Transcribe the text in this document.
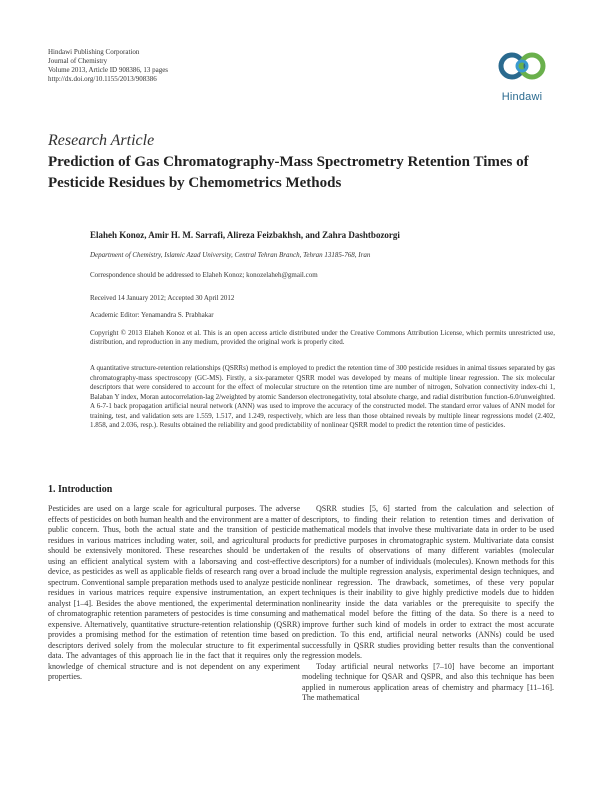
Hindawi Publishing Corporation
Journal of Chemistry
Volume 2013, Article ID 908386, 13 pages
http://dx.doi.org/10.1155/2013/908386
Hindawi
Research Article
Prediction of Gas Chromatography-Mass Spectrometry Retention Times of Pesticide Residues by Chemometrics Methods
Elaheh Konoz, Amir H. M. Sarrafi, Alireza Feizbakhsh, and Zahra Dashtbozorgi
Department of Chemistry, Islamic Azad University, Central Tehran Branch, Tehran 13185-768, Iran
Correspondence should be addressed to Elaheh Konoz; konozelaheh@gmail.com
Received 14 January 2012; Accepted 30 April 2012
Academic Editor: Yenamandra S. Prabhakar
Copyright © 2013 Elaheh Konoz et al. This is an open access article distributed under the Creative Commons Attribution License, which permits unrestricted use, distribution, and reproduction in any medium, provided the original work is properly cited.

A quantitative structure-retention relationships (QSRRs) method is employed to predict the retention time of 300 pesticide residues in animal tissues separated by gas chromatography-mass spectroscopy (GC-MS). Firstly, a six-parameter QSRR model was developed by means of multiple linear regression. The six molecular descriptors that were considered to account for the effect of molecular structure on the retention time are number of nitrogen, Solvation connectivity index-chi 1, Balaban Y index, Moran autocorrelation-lag 2/weighted by atomic Sanderson electronegativity, total absolute charge, and radial distribution function-6.0/unweighted. A 6-7-1 back propagation artificial neural network (ANN) was used to improve the accuracy of the constructed model. The standard error values of ANN model for training, test, and validation sets are 1.559, 1.517, and 1.249, respectively, which are less than those obtained reveals by multiple linear regressions model (2.402, 1.858, and 2.036, resp.). Results obtained the reliability and good predictability of nonlinear QSRR model to predict the retention time of pesticides.

1. Introduction

Pesticides are used on a large scale for agricultural purposes. The adverse effects of pesticides on both human health and the environment are a matter of public concern. Thus, both the actual state and the transition of pesticide residues in various matrices including water, soil, and agricultural products should be extensively monitored. These researches should be undertaken using an efficient analytical system with a laborsaving and cost-effective device, as pesticides as well as applicable fields of research rang over a broad spectrum. Conventional sample preparation methods used to analyze pesticide residues in various matrices require expensive instrumentation, an expert analyst [1–4]. Besides the above mentioned, the experimental determination of chromatographic retention parameters of pestocides is time consuming and expensive. Alternatively, quantitative structure-retention relationship (QSRR) provides a promising method for the estimation of retention time based on descriptors derived solely from the molecular structure to fit experimental data. The advantages of this approach lie in the fact that it requires only the knowledge of chemical structure and is not dependent on any experiment properties.

QSRR studies [5, 6] started from the calculation and selection of descriptors, to finding their relation to retention times and derivation of mathematical models that involve these multivariate data in order to be used for predictive purposes in chromatographic system. Multivariate data consist of the results of observations of many different variables (molecular descriptors) for a number of individuals (molecules). Known methods for this include the multiple regression analysis, experimental design techniques, and nonlinear regression. The drawback, sometimes, of these very popular techniques is their inability to give highly predictive models due to hidden nonlinearity inside the data variables or the prerequisite to specify the mathematical model before the fitting of the data. So there is a need to improve further such kind of models in order to extract the most accurate prediction. To this end, artificial neural networks (ANNs) could be used successfully in QSRR studies providing better results than the conventional regression models.

Today artificial neural networks [7–10] have become an important modeling technique for QSAR and QSPR, and also this technique has been applied in numerous application areas of chemistry and pharmacy [11–16]. The mathematical
